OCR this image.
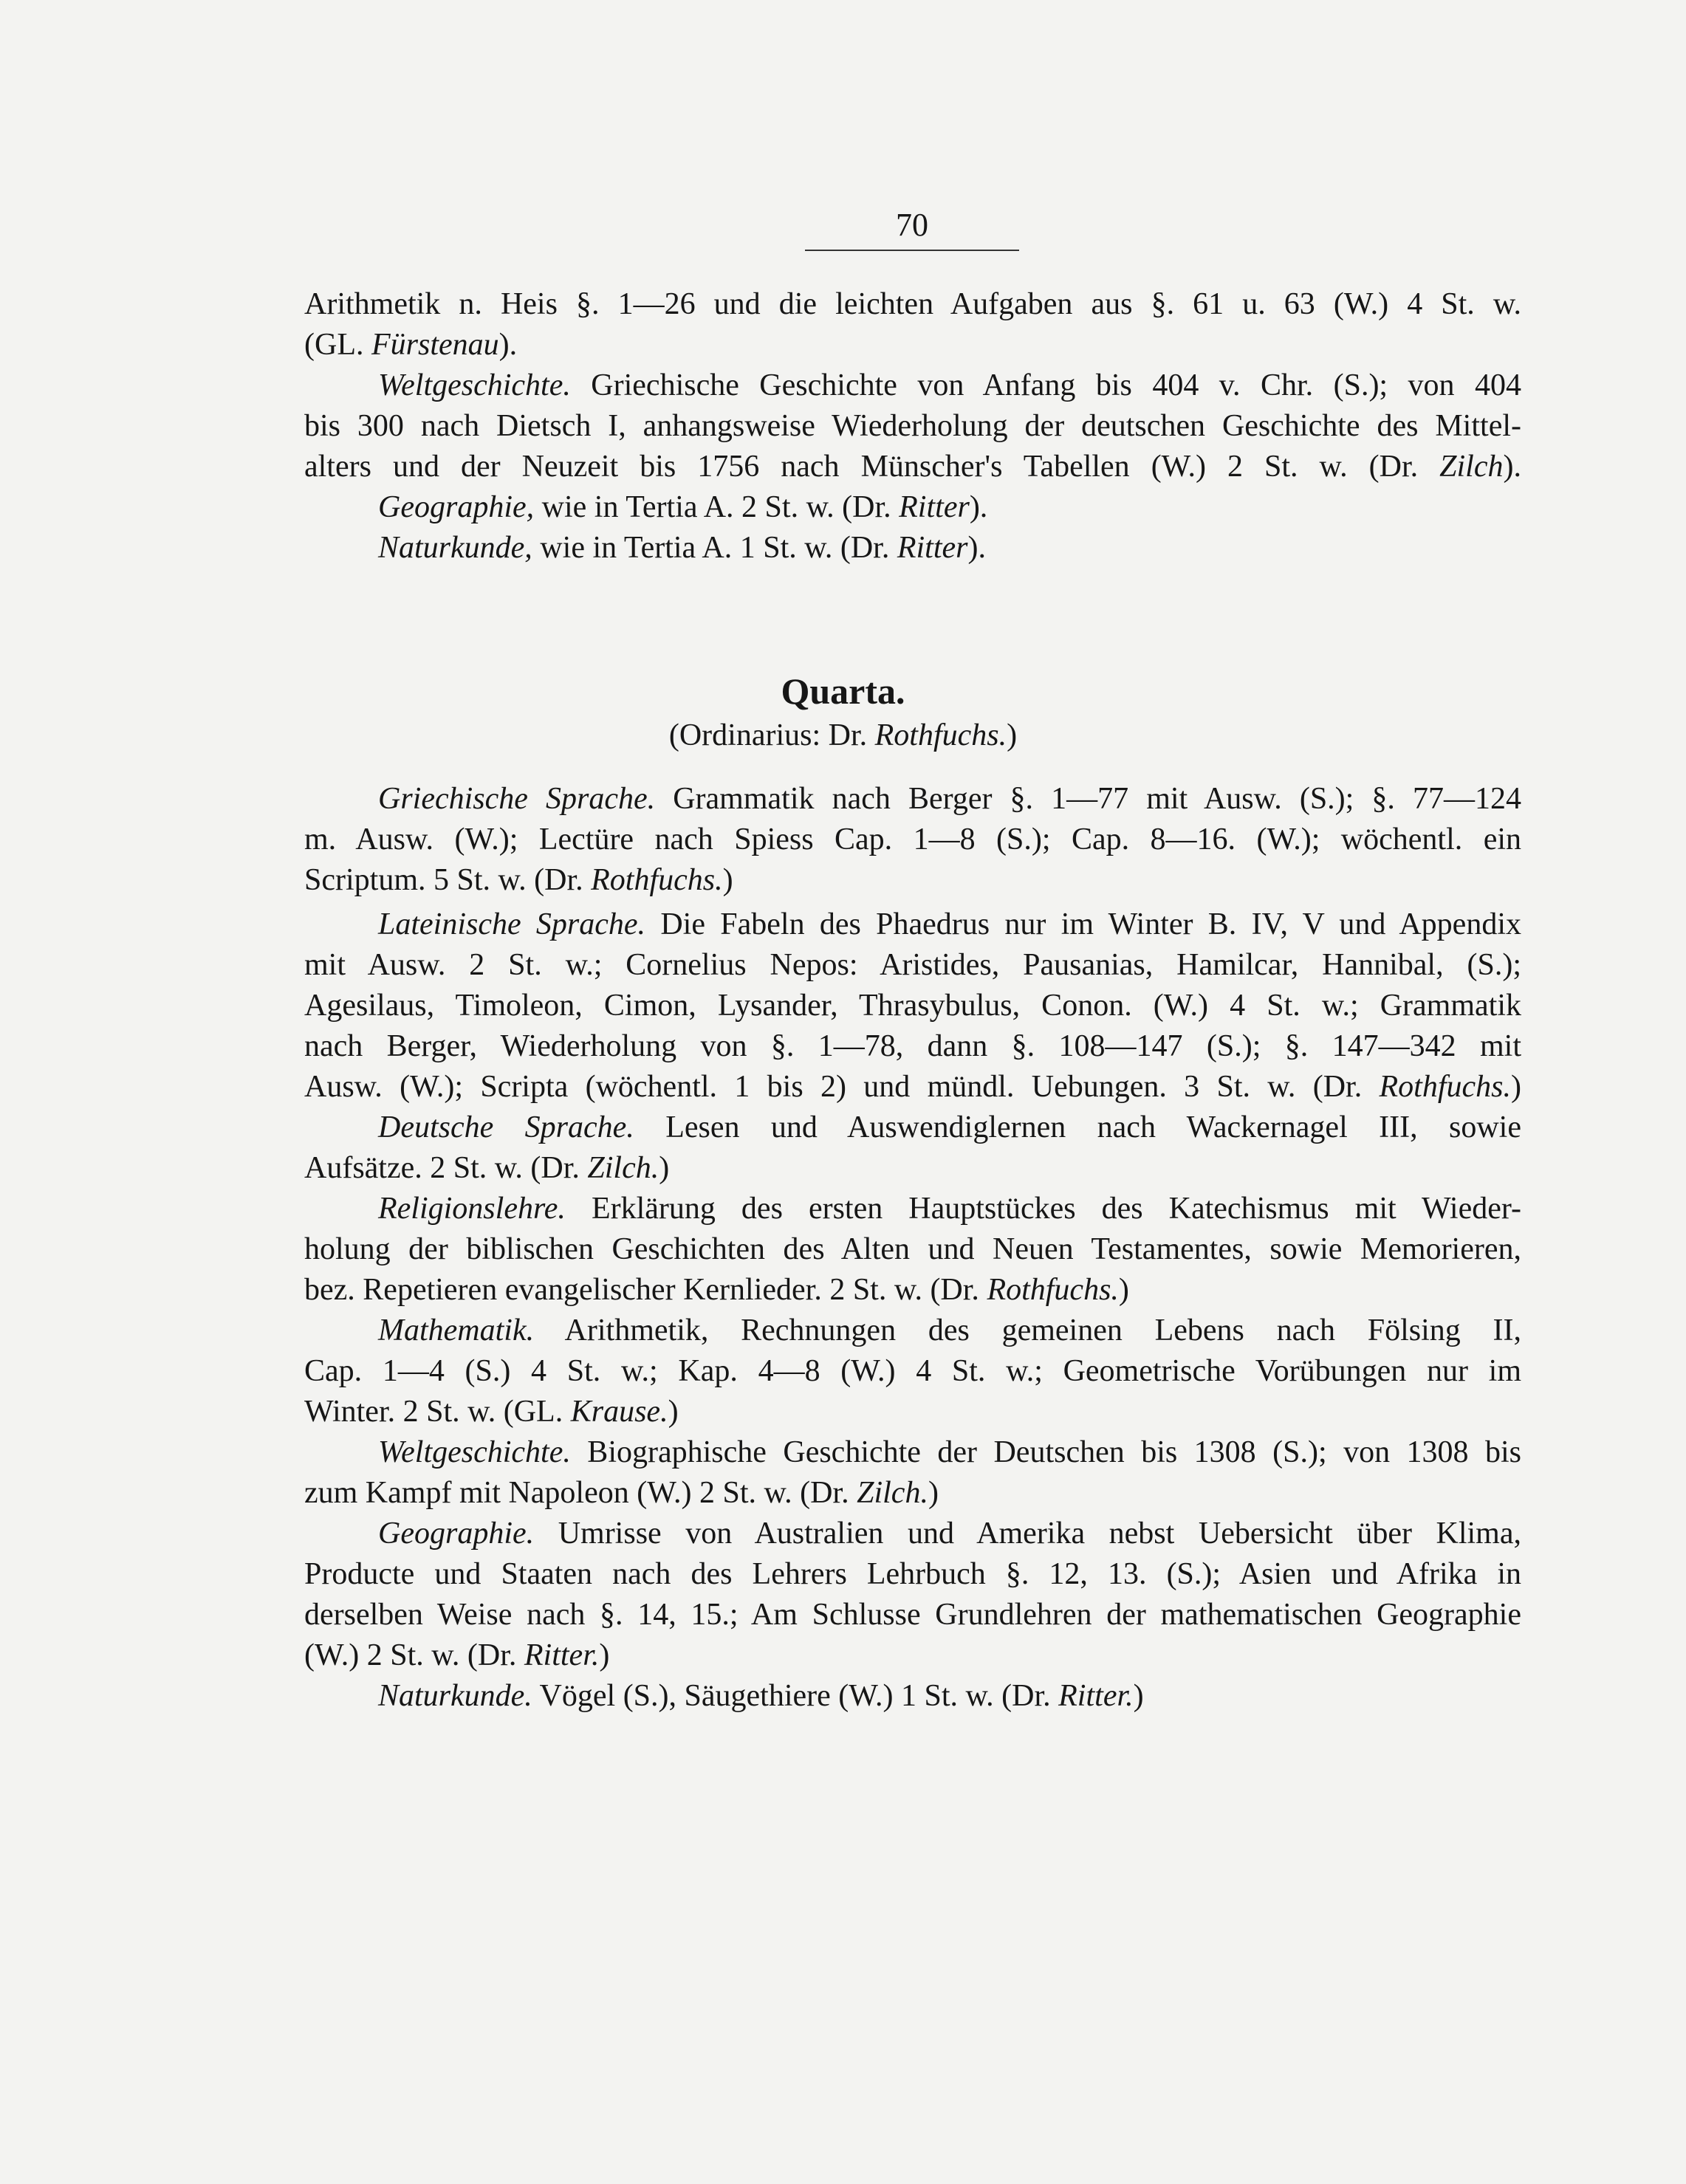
70
Arithmetik n. Heis §. 1—26 und die leichten Aufgaben aus §. 61 u. 63 (W.) 4 St. w.
(GL. Fürstenau).
Weltgeschichte. Griechische Geschichte von Anfang bis 404 v. Chr. (S.); von 404
bis 300 nach Dietsch I, anhangsweise Wiederholung der deutschen Geschichte des Mittel-
alters und der Neuzeit bis 1756 nach Münscher's Tabellen (W.) 2 St. w. (Dr. Zilch).
Geographie, wie in Tertia A. 2 St. w. (Dr. Ritter).
Naturkunde, wie in Tertia A. 1 St. w. (Dr. Ritter).
Quarta.
(Ordinarius: Dr. Rothfuchs.)
Griechische Sprache. Grammatik nach Berger §. 1—77 mit Ausw. (S.); §. 77—124
m. Ausw. (W.); Lectüre nach Spiess Cap. 1—8 (S.); Cap. 8—16. (W.); wöchentl. ein
Scriptum. 5 St. w. (Dr. Rothfuchs.)
Lateinische Sprache. Die Fabeln des Phaedrus nur im Winter B. IV, V und Appendix
mit Ausw. 2 St. w.; Cornelius Nepos: Aristides, Pausanias, Hamilcar, Hannibal, (S.);
Agesilaus, Timoleon, Cimon, Lysander, Thrasybulus, Conon. (W.) 4 St. w.; Grammatik
nach Berger, Wiederholung von §. 1—78, dann §. 108—147 (S.); §. 147—342 mit
Ausw. (W.); Scripta (wöchentl. 1 bis 2) und mündl. Uebungen. 3 St. w. (Dr. Rothfuchs.)
Deutsche Sprache. Lesen und Auswendiglernen nach Wackernagel III, sowie
Aufsätze. 2 St. w. (Dr. Zilch.)
Religionslehre. Erklärung des ersten Hauptstückes des Katechismus mit Wieder-
holung der biblischen Geschichten des Alten und Neuen Testamentes, sowie Memorieren,
bez. Repetieren evangelischer Kernlieder. 2 St. w. (Dr. Rothfuchs.)
Mathematik. Arithmetik, Rechnungen des gemeinen Lebens nach Fölsing II,
Cap. 1—4 (S.) 4 St. w.; Kap. 4—8 (W.) 4 St. w.; Geometrische Vorübungen nur im
Winter. 2 St. w. (GL. Krause.)
Weltgeschichte. Biographische Geschichte der Deutschen bis 1308 (S.); von 1308 bis
zum Kampf mit Napoleon (W.) 2 St. w. (Dr. Zilch.)
Geographie. Umrisse von Australien und Amerika nebst Uebersicht über Klima,
Producte und Staaten nach des Lehrers Lehrbuch §. 12, 13. (S.); Asien und Afrika in
derselben Weise nach §. 14, 15.; Am Schlusse Grundlehren der mathematischen Geographie
(W.) 2 St. w. (Dr. Ritter.)
Naturkunde. Vögel (S.), Säugethiere (W.) 1 St. w. (Dr. Ritter.)
